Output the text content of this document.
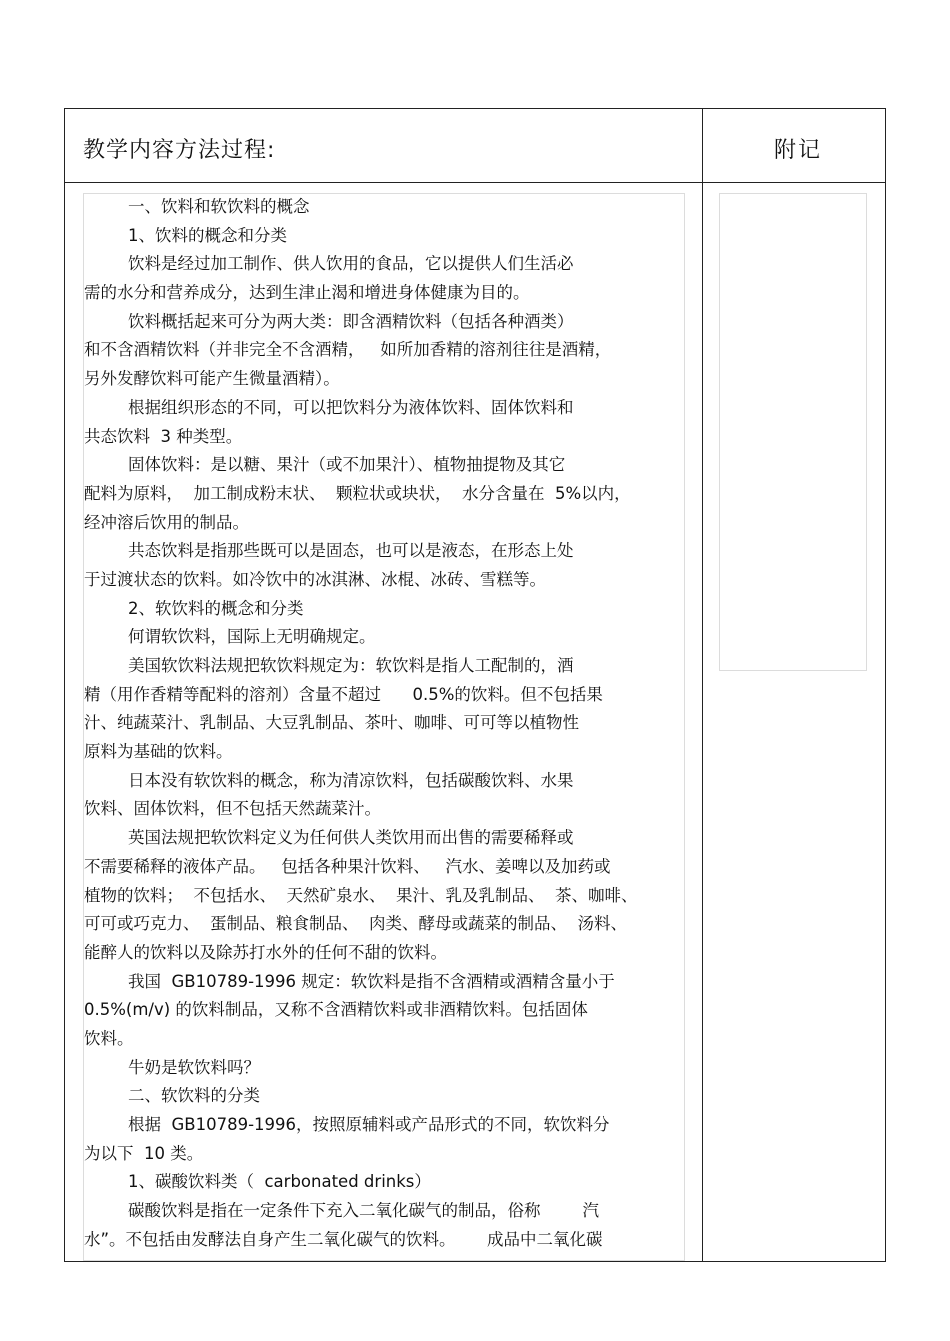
教学内容方法过程:	附记
一、饮料和软饮料的概念
1、饮料的概念和分类
饮料是经过加工制作、供人饮用的食品，它以提供人们生活必
需的水分和营养成分，达到生津止渴和增进身体健康为目的。
饮料概括起来可分为两大类：即含酒精饮料（包括各种酒类）
和不含酒精饮料（并非完全不含酒精，   如所加香精的溶剂往往是酒精，
另外发酵饮料可能产生微量酒精）。
根据组织形态的不同，可以把饮料分为液体饮料、固体饮料和
共态饮料  3 种类型。
固体饮料：是以糖、果汁（或不加果汁）、植物抽提物及其它
配料为原料，  加工制成粉末状、  颗粒状或块状，  水分含量在  5%以内，
经冲溶后饮用的制品。
共态饮料是指那些既可以是固态，也可以是液态，在形态上处
于过渡状态的饮料。如冷饮中的冰淇淋、冰棍、冰砖、雪糕等。
2、软饮料的概念和分类
何谓软饮料，国际上无明确规定。
美国软饮料法规把软饮料规定为：软饮料是指人工配制的，酒
精（用作香精等配料的溶剂）含量不超过      0.5%的饮料。但不包括果
汁、纯蔬菜汁、乳制品、大豆乳制品、茶叶、咖啡、可可等以植物性
原料为基础的饮料。
日本没有软饮料的概念，称为清凉饮料，包括碳酸饮料、水果
饮料、固体饮料，但不包括天然蔬菜汁。
英国法规把软饮料定义为任何供人类饮用而出售的需要稀释或
不需要稀释的液体产品。   包括各种果汁饮料、   汽水、姜啤以及加药或
植物的饮料；  不包括水、  天然矿泉水、  果汁、乳及乳制品、  茶、咖啡、
可可或巧克力、  蛋制品、粮食制品、  肉类、酵母或蔬菜的制品、  汤料、
能醉人的饮料以及除苏打水外的任何不甜的饮料。
我国  GB10789-1996 规定：软饮料是指不含酒精或酒精含量小于
0.5%(m/v) 的饮料制品，又称不含酒精饮料或非酒精饮料。包括固体
饮料。
牛奶是软饮料吗？
二、软饮料的分类
根据  GB10789-1996，按照原辅料或产品形式的不同，软饮料分
为以下  10 类。
1、碳酸饮料类（  carbonated drinks）
碳酸饮料是指在一定条件下充入二氧化碳气的制品，俗称        汽
水”。不包括由发酵法自身产生二氧化碳气的饮料。      成品中二氧化碳
